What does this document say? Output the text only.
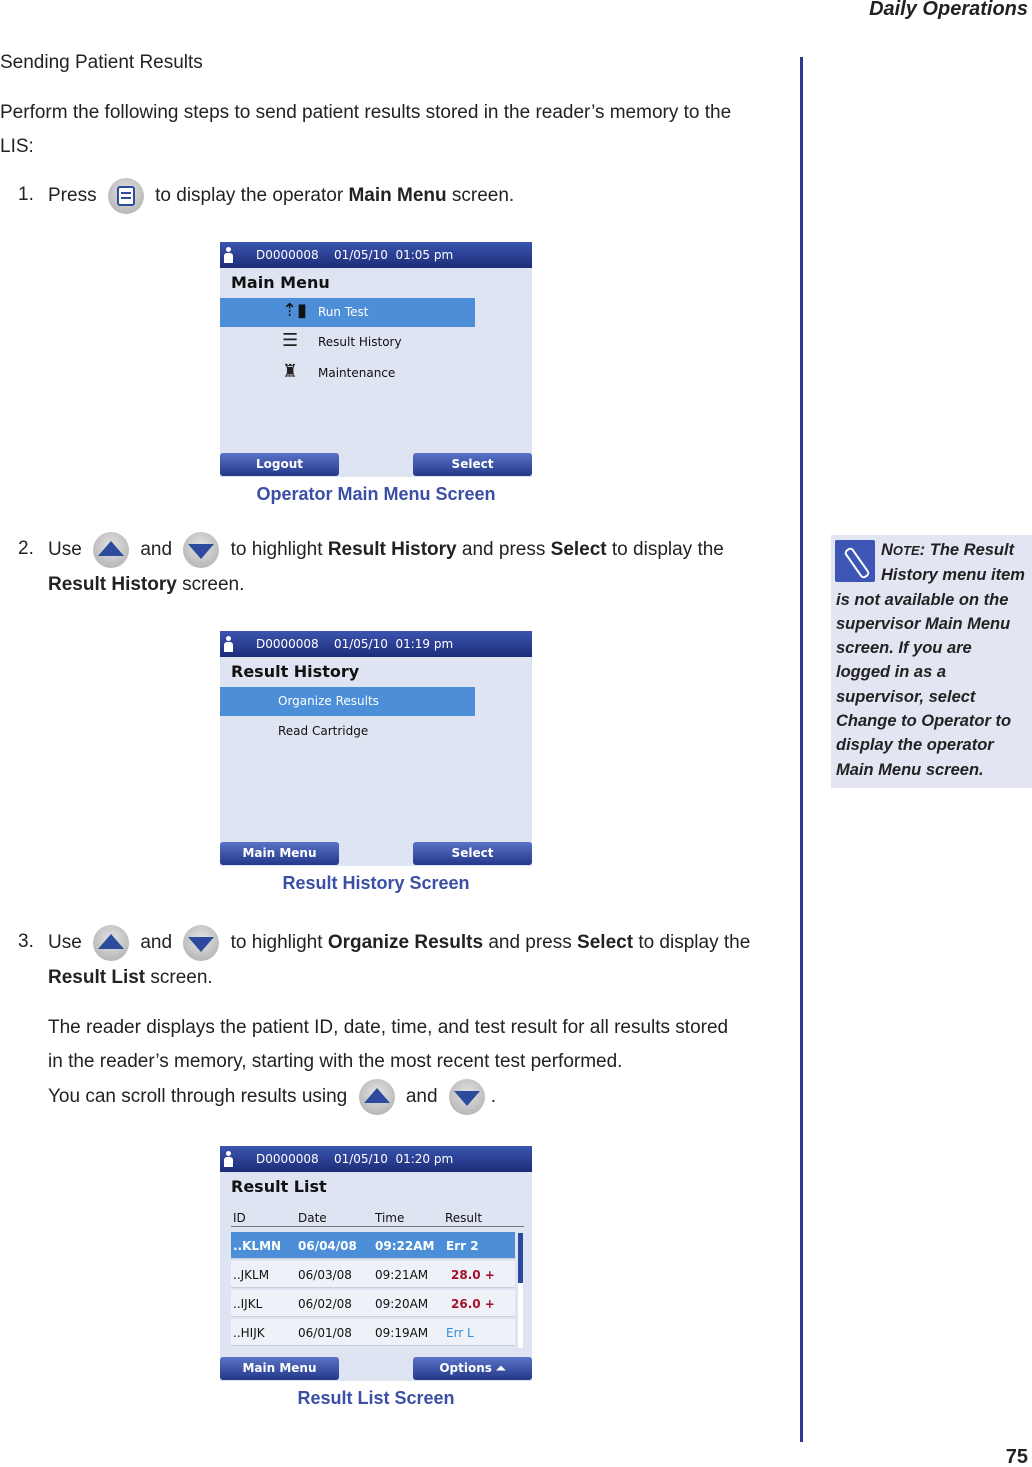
Daily Operations
Sending Patient Results
Perform the following steps to send patient results stored in the reader’s memory to the LIS:
1. Press	to display the operator Main Menu screen.
D0000008    01/05/10  01:05 pm
Main Menu
⇡▮ Run Test
☰ Result History
♜ Maintenance
Logout	Select
Operator Main Menu Screen
2. Use	and	to highlight Result History and press Select to display the Result History screen.
D0000008    01/05/10  01:19 pm
Result History
Organize Results
Read Cartridge
Main Menu	Select
Result History Screen
3. Use	and	to highlight Organize Results and press Select to display the Result List screen.
The reader displays the patient ID, date, time, and test result for all results stored in the reader’s memory, starting with the most recent test performed.
You can scroll through results using	and	.
D0000008    01/05/10  01:20 pm
Result List
ID	Date	Time	Result
..KLMN 06/04/08 09:22AM Err 2
..JKLM 06/03/08	09:21AM 28.0 +
..IJKL	06/02/08	09:20AM 26.0 +
..HIJK	06/01/08	09:19AM Err L
Main Menu	Options ⏶
Result List Screen
NOTE: The Result History menu item is not available on the supervisor Main Menu screen. If you are logged in as a supervisor, select Change to Operator to display the operator Main Menu screen.
75
